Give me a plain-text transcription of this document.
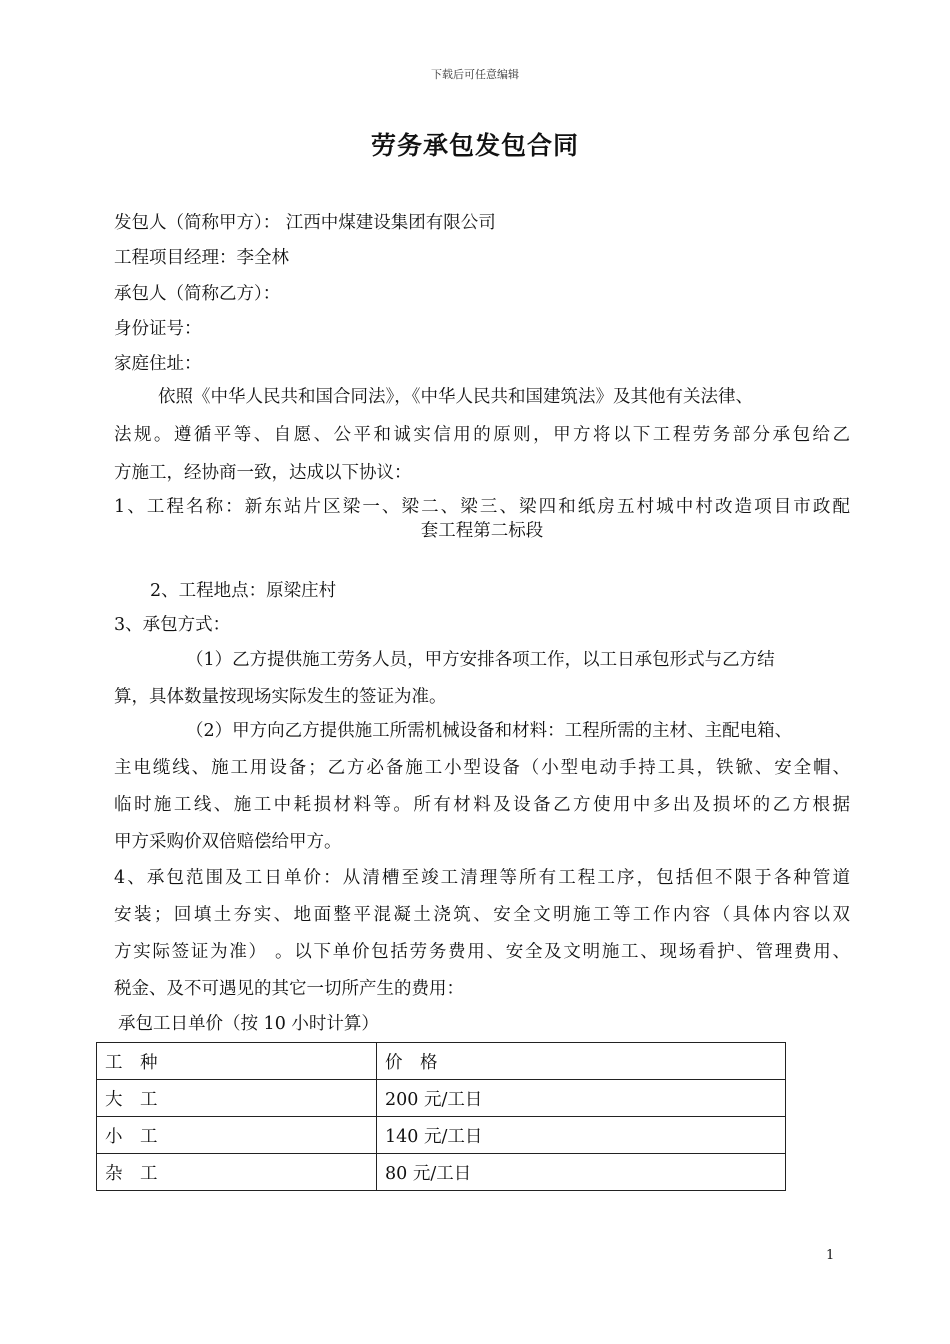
下载后可任意编辑
劳务承包发包合同
发包人（简称甲方）： 江西中煤建设集团有限公司
工程项目经理：李全林
承包人（简称乙方）：
身份证号：
家庭住址：
依照《中华人民共和国合同法》，《中华人民共和国建筑法》及其他有关法律、
法规。遵循平等、自愿、公平和诚实信用的原则，甲方将以下工程劳务部分承包给乙
方施工，经协商一致，达成以下协议：
1、工程名称：新东站片区梁一、梁二、梁三、梁四和纸房五村城中村改造项目市政配
套工程第二标段
2、工程地点：原梁庄村
3、承包方式：
（1）乙方提供施工劳务人员，甲方安排各项工作，以工日承包形式与乙方结
算，具体数量按现场实际发生的签证为准。
（2）甲方向乙方提供施工所需机械设备和材料：工程所需的主材、主配电箱、
主电缆线、施工用设备；乙方必备施工小型设备（小型电动手持工具，铁锨、安全帽、
临时施工线、施工中耗损材料等。所有材料及设备乙方使用中多出及损坏的乙方根据
甲方采购价双倍赔偿给甲方。
4、承包范围及工日单价：从清槽至竣工清理等所有工程工序，包括但不限于各种管道
安装；回填土夯实、地面整平混凝土浇筑、安全文明施工等工作内容（具体内容以双
方实际签证为准） 。以下单价包括劳务费用、安全及文明施工、现场看护、管理费用、
税金、及不可遇见的其它一切所产生的费用：
承包工日单价（按 10 小时计算）
工　种	价　格
大　工	200 元/工日
小　工	140 元/工日
杂　工	80 元/工日
1
